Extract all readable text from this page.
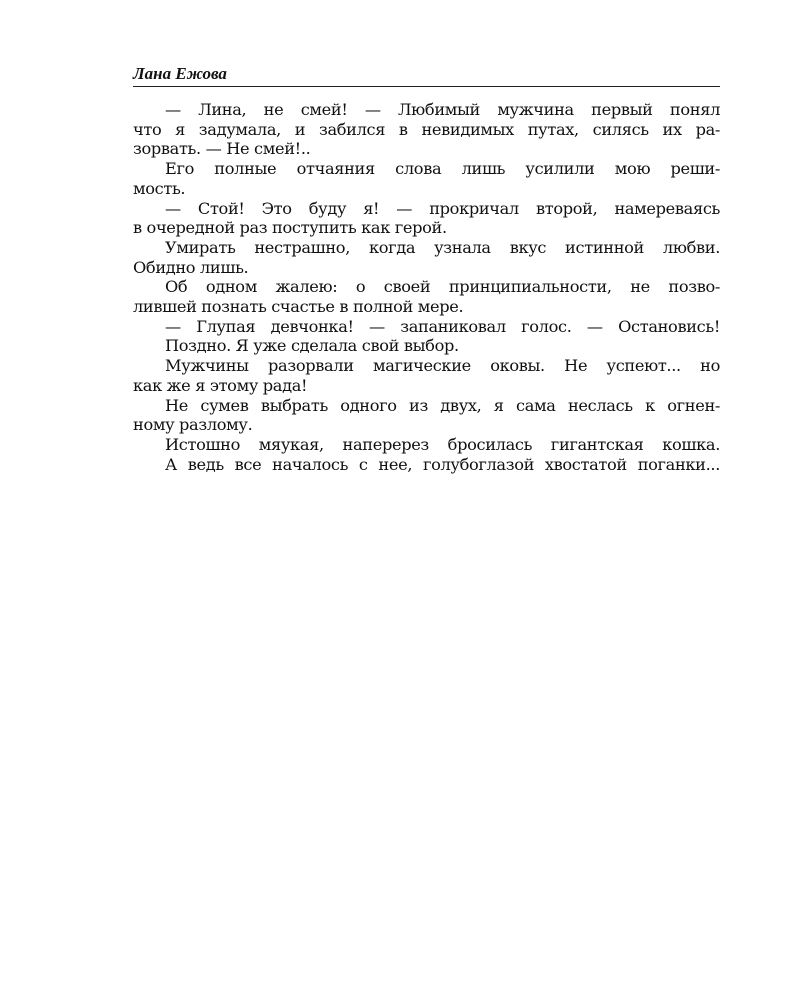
Лана Ежова

— Лина, не смей! — Любимый мужчина первый понял

что я задумала, и забился в невидимых путах, силясь их ра-

зорвать. — Не смей!..

Его полные отчаяния слова лишь усилили мою реши-

мость.

— Стой! Это буду я! — прокричал второй, намереваясь

в очередной раз поступить как герой.

Умирать нестрашно, когда узнала вкус истинной любви.

Обидно лишь.

Об одном жалею: о своей принципиальности, не позво-

лившей познать счастье в полной мере.

— Глупая девчонка! — запаниковал голос. — Остановись!

Поздно. Я уже сделала свой выбор.

Мужчины разорвали магические оковы. Не успеют... но

как же я этому рада!

Не сумев выбрать одного из двух, я сама неслась к огнен-

ному разлому.

Истошно мяукая, наперерез бросилась гигантская кошка.

А ведь все началось с нее, голубоглазой хвостатой поганки...
